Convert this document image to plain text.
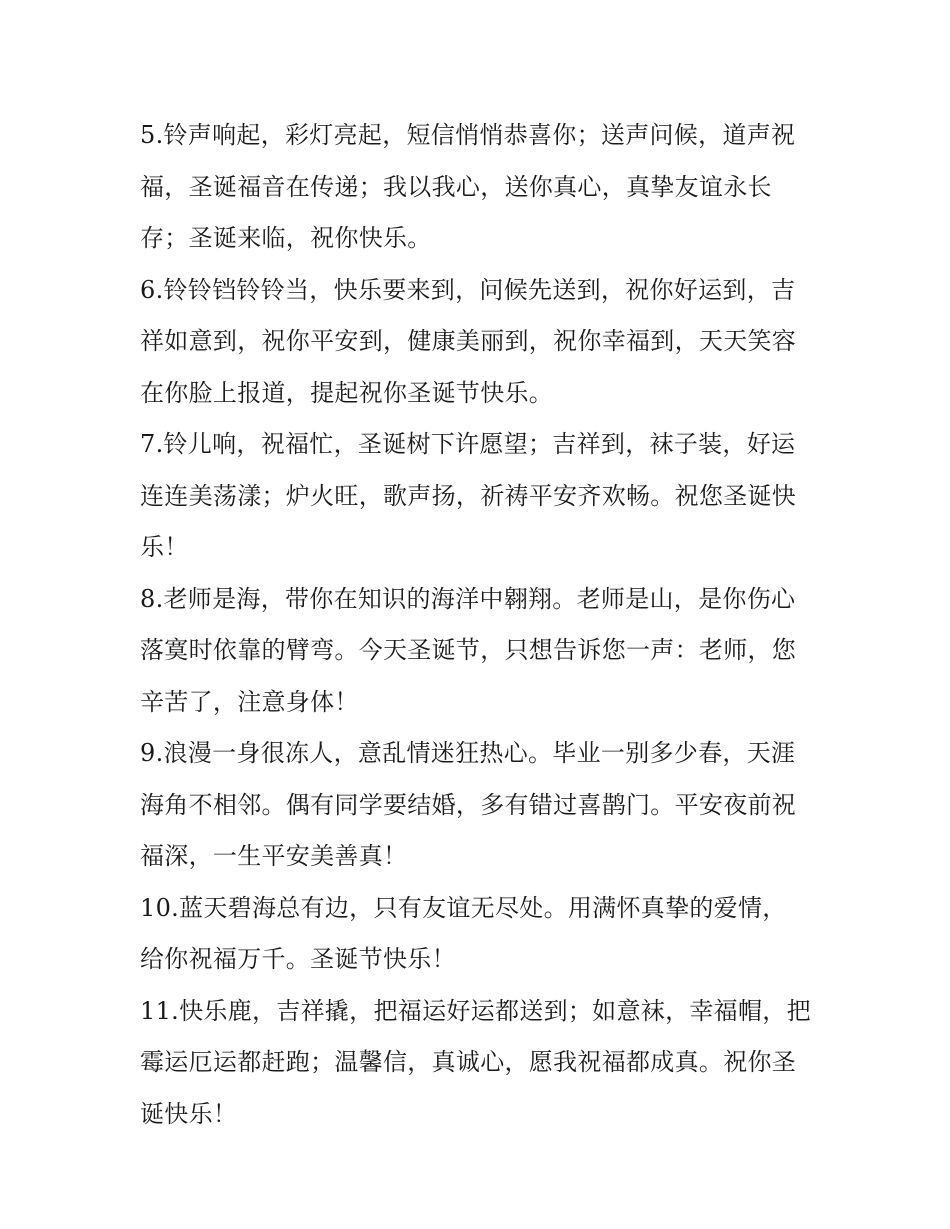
5.铃声响起，彩灯亮起，短信悄悄恭喜你；送声问候，道声祝
福，圣诞福音在传递；我以我心，送你真心，真挚友谊永长
存；圣诞来临，祝你快乐。

6.铃铃铛铃铃当，快乐要来到，问候先送到，祝你好运到，吉
祥如意到，祝你平安到，健康美丽到，祝你幸福到，天天笑容
在你脸上报道，提起祝你圣诞节快乐。

7.铃儿响，祝福忙，圣诞树下许愿望；吉祥到，袜子装，好运
连连美荡漾；炉火旺，歌声扬，祈祷平安齐欢畅。祝您圣诞快
乐！

8.老师是海，带你在知识的海洋中翱翔。老师是山，是你伤心
落寞时依靠的臂弯。今天圣诞节，只想告诉您一声：老师，您
辛苦了，注意身体！

9.浪漫一身很冻人，意乱情迷狂热心。毕业一别多少春，天涯
海角不相邻。偶有同学要结婚，多有错过喜鹊门。平安夜前祝
福深，一生平安美善真！

10.蓝天碧海总有边，只有友谊无尽处。用满怀真挚的爱情，
给你祝福万千。圣诞节快乐！

11.快乐鹿，吉祥撬，把福运好运都送到；如意袜，幸福帽，把
霉运厄运都赶跑；温馨信，真诚心，愿我祝福都成真。祝你圣
诞快乐！
